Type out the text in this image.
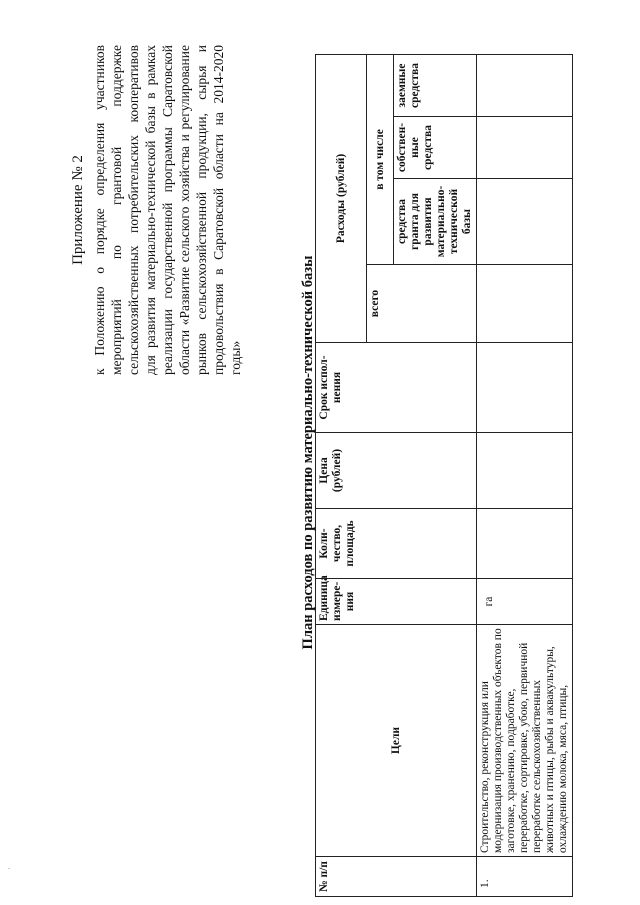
·
Приложение № 2 к Положению о порядке определения участников мероприятий по грантовой поддержке сельскохозяйственных потребительских кооперативов для развития материально-технической базы в рамках реализации государственной программы Саратовской области «Развитие сельского хозяйства и регулирование рынков сельскохозяйственной продукции, сырья и продовольствия в Саратовской области на 2014-2020 годы»	План расходов по развитию материально-технической базы
№ п/п	Цели	Единица измере-ния	Коли-чество, площадь	Цена (рублей)	Срок испол-нения	Расходы (рублей)			
						всего	в том числе		
							средства гранта для развития материально-технической базы	собствен-ные средства	заемные средства
1.	Строительство, реконструкция или модернизация производственных объектов по заготовке, хранению, подработке, переработке, сортировке, убою, первичной переработке сельскохозяйственных животных и птицы, рыбы и аквакультуры, охлаждению молока, мяса, птицы,	га							
